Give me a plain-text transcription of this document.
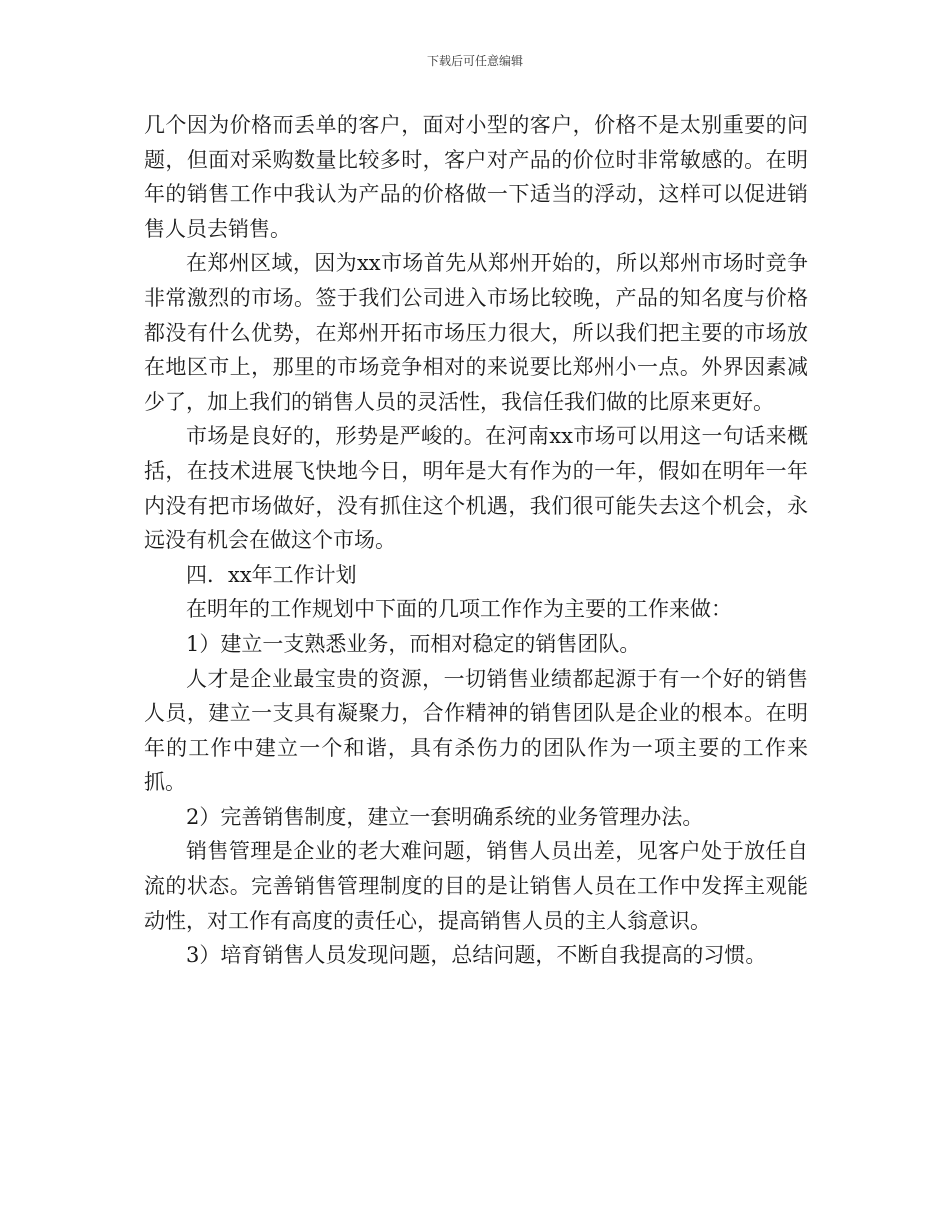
下载后可任意编辑

几个因为价格而丢单的客户，面对小型的客户，价格不是太别重要的问题，但面对采购数量比较多时，客户对产品的价位时非常敏感的。在明年的销售工作中我认为产品的价格做一下适当的浮动，这样可以促进销售人员去销售。

在郑州区域，因为xx市场首先从郑州开始的，所以郑州市场时竞争非常激烈的市场。签于我们公司进入市场比较晚，产品的知名度与价格都没有什么优势，在郑州开拓市场压力很大，所以我们把主要的市场放在地区市上，那里的市场竞争相对的来说要比郑州小一点。外界因素减少了，加上我们的销售人员的灵活性，我信任我们做的比原来更好。

市场是良好的，形势是严峻的。在河南xx市场可以用这一句话来概括，在技术进展飞快地今日，明年是大有作为的一年，假如在明年一年内没有把市场做好，没有抓住这个机遇，我们很可能失去这个机会，永远没有机会在做这个市场。

四．xx年工作计划

在明年的工作规划中下面的几项工作作为主要的工作来做：

1）建立一支熟悉业务，而相对稳定的销售团队。

人才是企业最宝贵的资源，一切销售业绩都起源于有一个好的销售人员，建立一支具有凝聚力，合作精神的销售团队是企业的根本。在明年的工作中建立一个和谐，具有杀伤力的团队作为一项主要的工作来抓。

2）完善销售制度，建立一套明确系统的业务管理办法。

销售管理是企业的老大难问题，销售人员出差，见客户处于放任自流的状态。完善销售管理制度的目的是让销售人员在工作中发挥主观能动性，对工作有高度的责任心，提高销售人员的主人翁意识。

3）培育销售人员发现问题，总结问题，不断自我提高的习惯。
